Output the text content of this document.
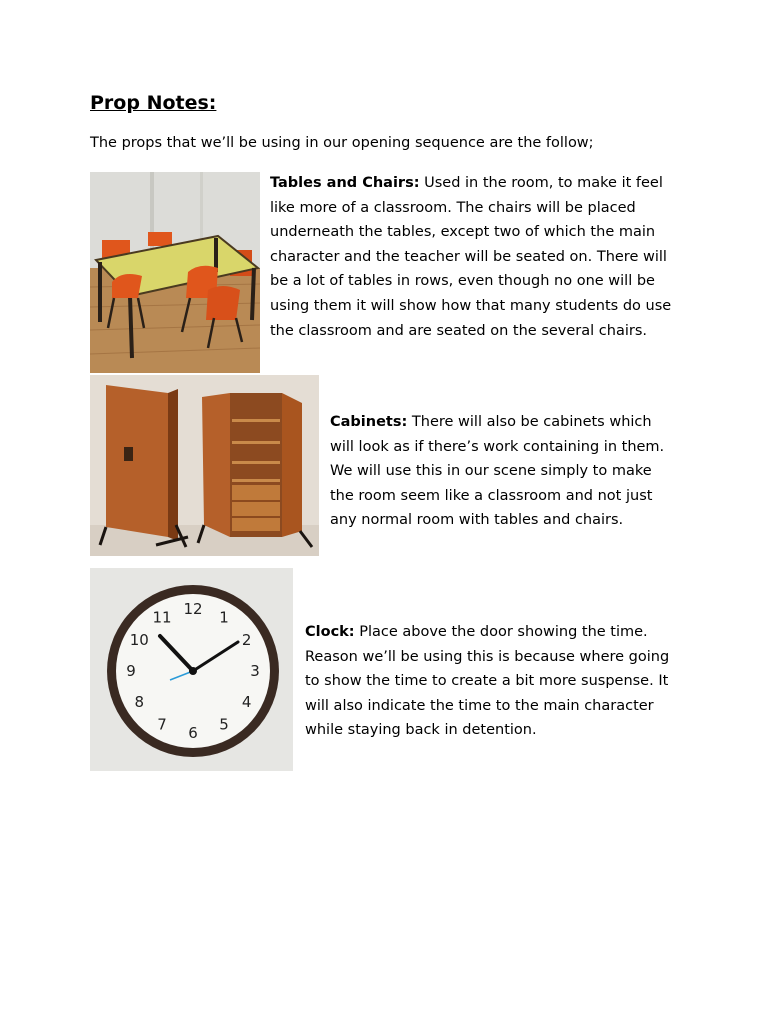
Prop Notes:

The props that we’ll be using in our opening sequence are the follow;

Tables and Chairs: Used in the room, to make it feel like more of a classroom. The chairs will be placed underneath the tables, except two of which the main character and the teacher will be seated on. There will be a lot of tables in rows, even though no one will be using them it will show how that many students do use the classroom and are seated on the several chairs.
Cabinets: There will also be cabinets which will look as if there’s work containing in them. We will use this in our scene simply to make the room seem like a classroom and not just any normal room with tables and chairs.
12 1
2
3
4
5
6
7
8
9
10
11
Clock: Place above the door showing the time. Reason we’ll be using this is because where going to show the time to create a bit more suspense. It will also indicate the time to the main character while staying back in detention.
